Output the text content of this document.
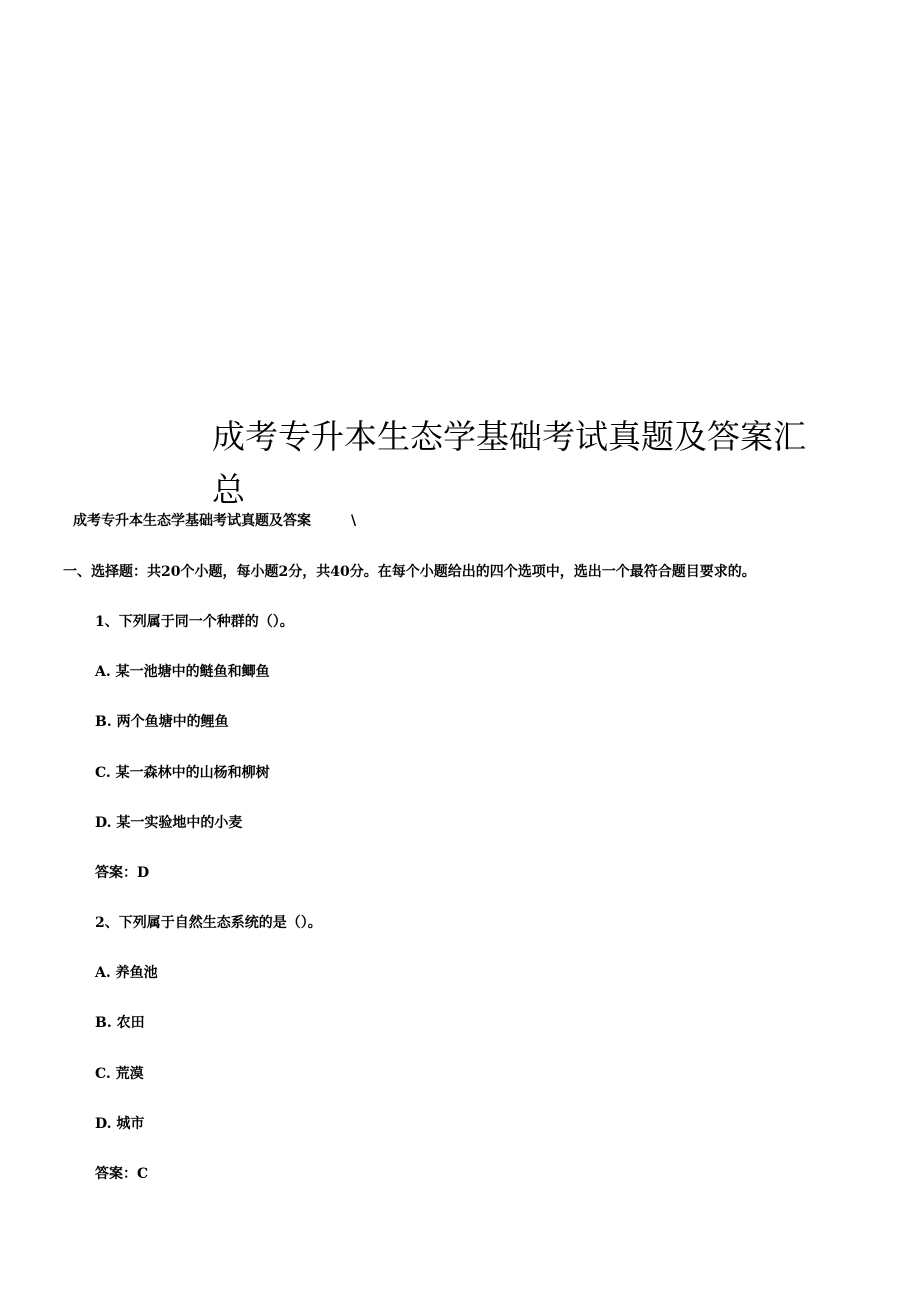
成考专升本生态学基础考试真题及答案汇总
成考专升本生态学基础考试真题及答案	\
一、选择题：共20个小题，每小题2分，共40分。在每个小题给出的四个选项中，选出一个最符合题目要求的。
1、下列属于同一个种群的（）。
A. 某一池塘中的鲢鱼和鲫鱼
B. 两个鱼塘中的鲤鱼
C. 某一森林中的山杨和柳树
D. 某一实验地中的小麦
答案：D
2、下列属于自然生态系统的是（）。
A. 养鱼池
B. 农田
C. 荒漠
D. 城市
答案：C
